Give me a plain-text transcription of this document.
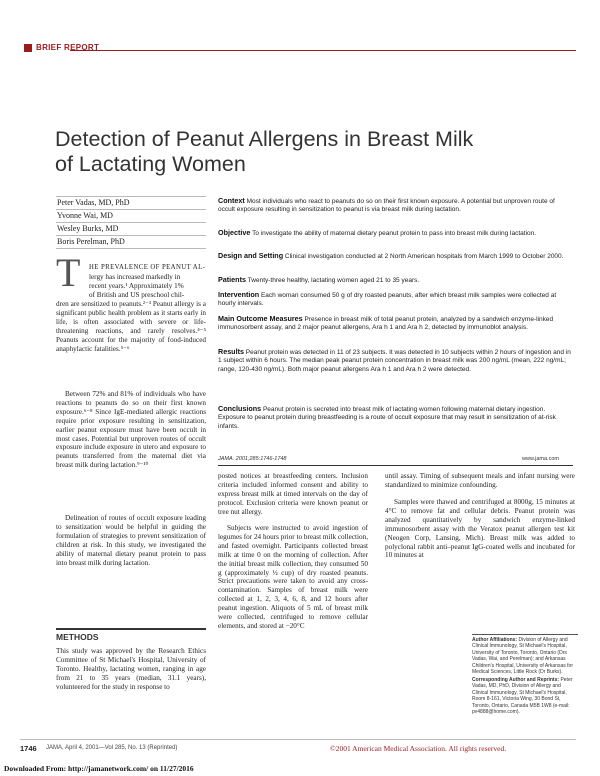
BRIEF REPORT
Detection of Peanut Allergens in Breast Milk
of Lactating Women
Peter Vadas, MD, PhD
Yvonne Wai, MD
Wesley Burks, MD
Boris Perelman, PhD
Context Most individuals who react to peanuts do so on their first known exposure. A potential but unproven route of occult exposure resulting in sensitization to peanut is via breast milk during lactation.
Objective To investigate the ability of maternal dietary peanut protein to pass into breast milk during lactation.
Design and Setting Clinical investigation conducted at 2 North American hospitals from March 1999 to October 2000.
Patients Twenty-three healthy, lactating women aged 21 to 35 years.
Intervention Each woman consumed 50 g of dry roasted peanuts, after which breast milk samples were collected at hourly intervals.
Main Outcome Measures Presence in breast milk of total peanut protein, analyzed by a sandwich enzyme-linked immunosorbent assay, and 2 major peanut allergens, Ara h 1 and Ara h 2, detected by immunoblot analysis.
Results Peanut protein was detected in 11 of 23 subjects. It was detected in 10 subjects within 2 hours of ingestion and in 1 subject within 6 hours. The median peak peanut protein concentration in breast milk was 200 ng/mL (mean, 222 ng/mL; range, 120-430 ng/mL). Both major peanut allergens Ara h 1 and Ara h 2 were detected.
Conclusions Peanut protein is secreted into breast milk of lactating women following maternal dietary ingestion. Exposure to peanut protein during breastfeeding is a route of occult exposure that may result in sensitization of at-risk infants.
JAMA. 2001;285:1746-1748	www.jama.com
T HE PREVALENCE OF PEANUT AL-
lergy has increased markedly in
recent years.¹ Approximately 1%
of British and US preschool chil-
dren are sensitized to peanuts.²⁻³ Peanut allergy is a significant public health problem as it starts early in life, is often associated with severe or life-threatening reactions, and rarely resolves.⁴⁻⁵ Peanuts account for the majority of food-induced anaphylactic fatalities.⁵⁻⁶
Between 72% and 81% of individuals who have reactions to peanuts do so on their first known exposure.⁶⁻⁸ Since IgE-mediated allergic reactions require prior exposure resulting in sensitization, earlier peanut exposure must have been occult in most cases. Potential but unproven routes of occult exposure include exposure in utero and exposure to peanuts transferred from the maternal diet via breast milk during lactation.⁹⁻¹⁰
Delineation of routes of occult exposure leading to sensitization would be helpful in guiding the formulation of strategies to prevent sensitization of children at risk. In this study, we investigated the ability of maternal dietary peanut protein to pass into breast milk during lactation.
METHODS
This study was approved by the Research Ethics Committee of St Michael's Hospital, University of Toronto. Healthy, lactating women, ranging in age from 21 to 35 years (median, 31.1 years), volunteered for the study in response to
posted notices at breastfeeding centers. Inclusion criteria included informed consent and ability to express breast milk at timed intervals on the day of protocol. Exclusion criteria were known peanut or tree nut allergy.
Subjects were instructed to avoid ingestion of legumes for 24 hours prior to breast milk collection, and fasted overnight. Participants collected breast milk at time 0 on the morning of collection. After the initial breast milk collection, they consumed 50 g (approximately ½ cup) of dry roasted peanuts. Strict precautions were taken to avoid any cross-contamination. Samples of breast milk were collected at 1, 2, 3, 4, 6, 8, and 12 hours after peanut ingestion. Aliquots of 5 mL of breast milk were collected, centrifuged to remove cellular elements, and stored at −20°C
until assay. Timing of subsequent meals and infant nursing were standardized to minimize confounding.
Samples were thawed and centrifuged at 8000g, 15 minutes at 4°C to remove fat and cellular debris. Peanut protein was analyzed quantitatively by sandwich enzyme-linked immunosorbent assay with the Veratox peanut allergen test kit (Neogen Corp, Lansing, Mich). Breast milk was added to polyclonal rabbit anti–peanut IgG-coated wells and incubated for 10 minutes at
Author Affiliations: Division of Allergy and Clinical Immunology, St Michael's Hospital, University of Toronto, Toronto, Ontario (Drs Vadas, Wai, and Perelman); and Arkansas Children's Hospital, University of Arkansas for Medical Sciences, Little Rock (Dr Burks).
Corresponding Author and Reprints: Peter Vadas, MD, PhD, Division of Allergy and Clinical Immunology, St Michael's Hospital, Room 8-161, Victoria Wing, 30 Bond St, Toronto, Ontario, Canada M5B 1W8 (e-mail: pv4888@home.com).
1746 JAMA, April 4, 2001—Vol 285, No. 13 (Reprinted)	©2001 American Medical Association. All rights reserved.
Downloaded From: http://jamanetwork.com/ on 11/27/2016
